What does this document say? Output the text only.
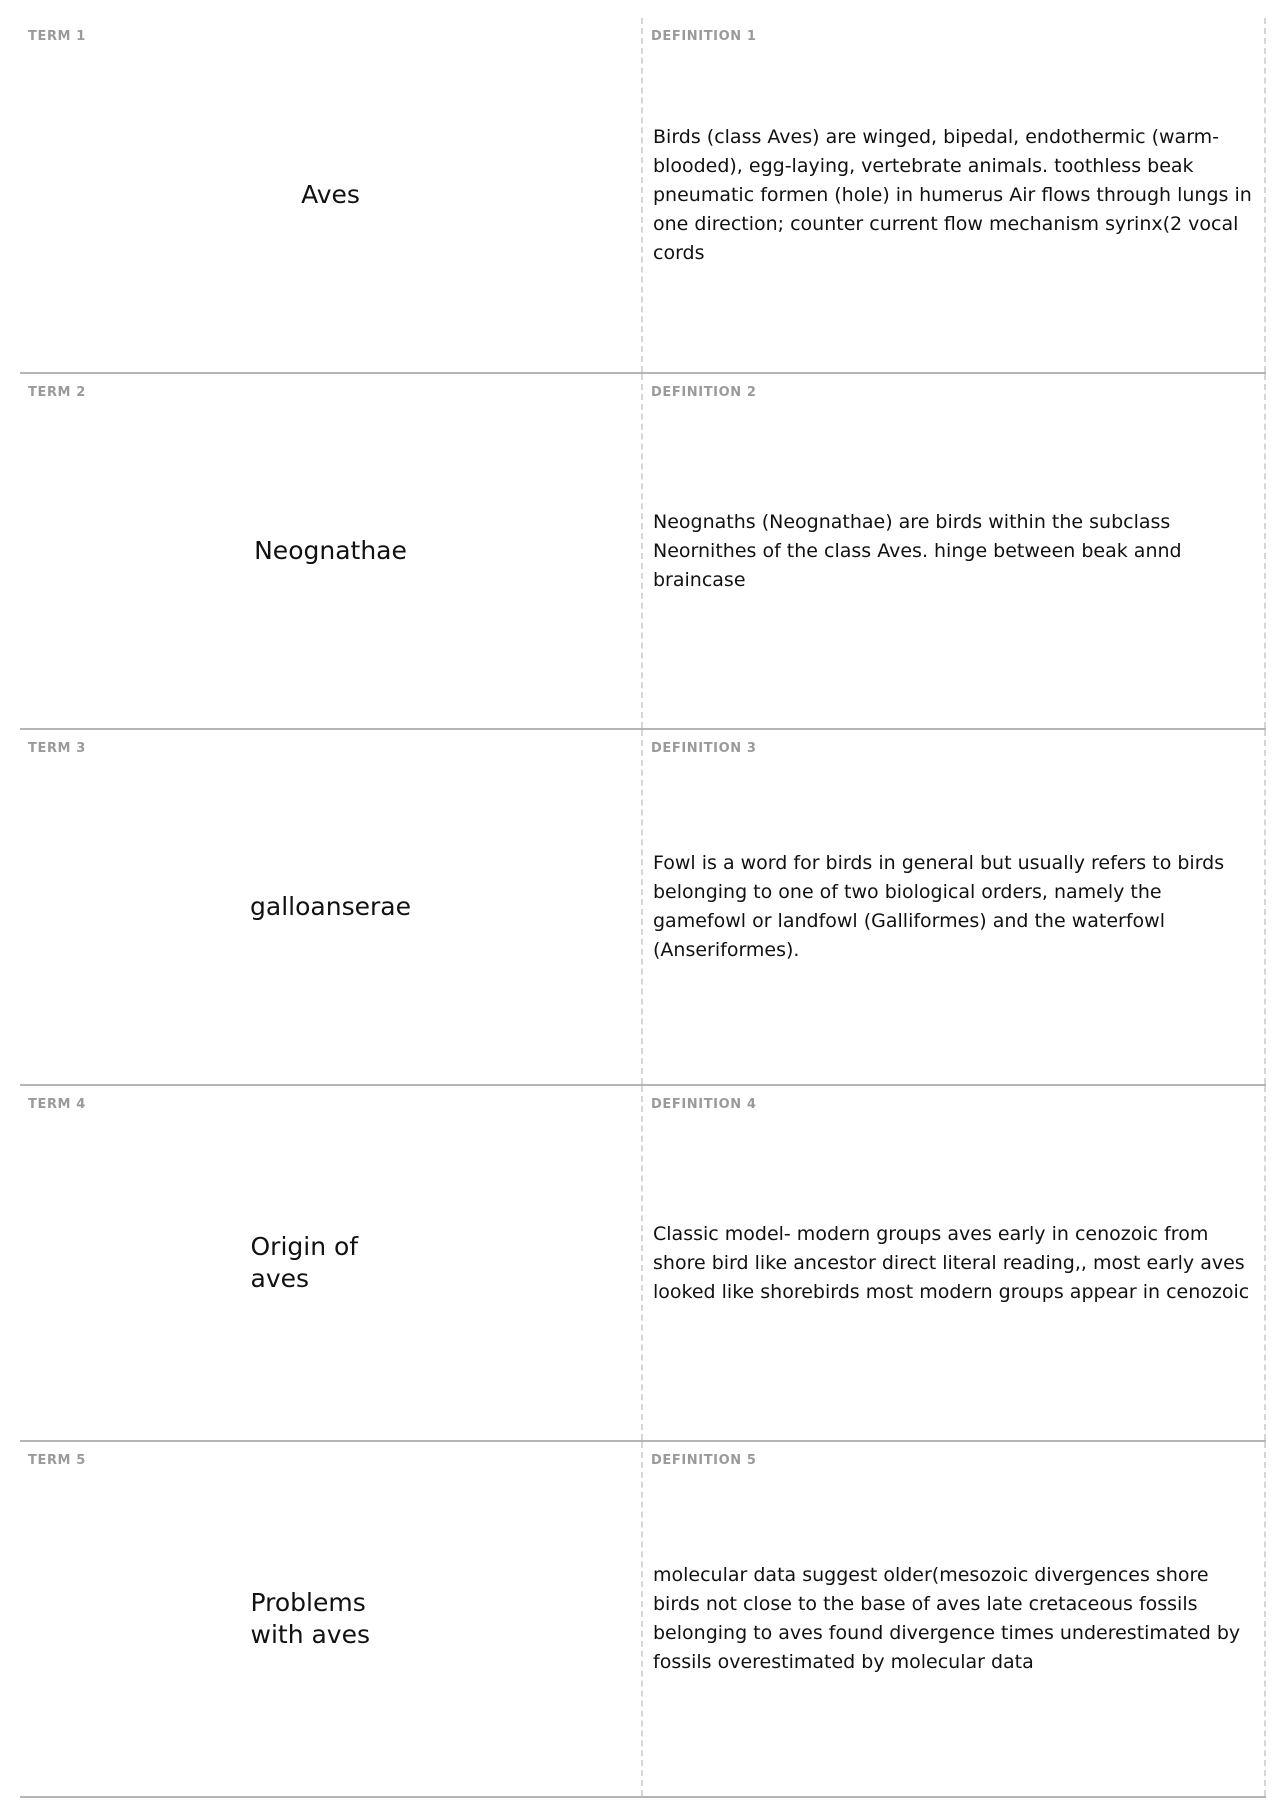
TERM 1
Aves
DEFINITION 1
Birds (class Aves) are winged, bipedal, endothermic (warm-blooded), egg-laying, vertebrate animals. toothless beak pneumatic formen (hole) in humerus Air flows through lungs in one direction; counter current flow mechanism syrinx(2 vocal cords
TERM 2
Neognathae
DEFINITION 2
Neognaths (Neognathae) are birds within the subclass Neornithes of the class Aves. hinge between beak annd braincase
TERM 3
galloanserae
DEFINITION 3
Fowl is a word for birds in general but usually refers to birds belonging to one of two biological orders, namely the gamefowl or landfowl (Galliformes) and the waterfowl (Anseriformes).
TERM 4
Origin of aves
DEFINITION 4
Classic model- modern groups aves early in cenozoic from shore bird like ancestor direct literal reading,, most early aves looked like shorebirds most modern groups appear in cenozoic
TERM 5
Problems with aves
DEFINITION 5
molecular data suggest older(mesozoic divergences shore birds not close to the base of aves late cretaceous fossils belonging to aves found divergence times underestimated by fossils overestimated by molecular data
